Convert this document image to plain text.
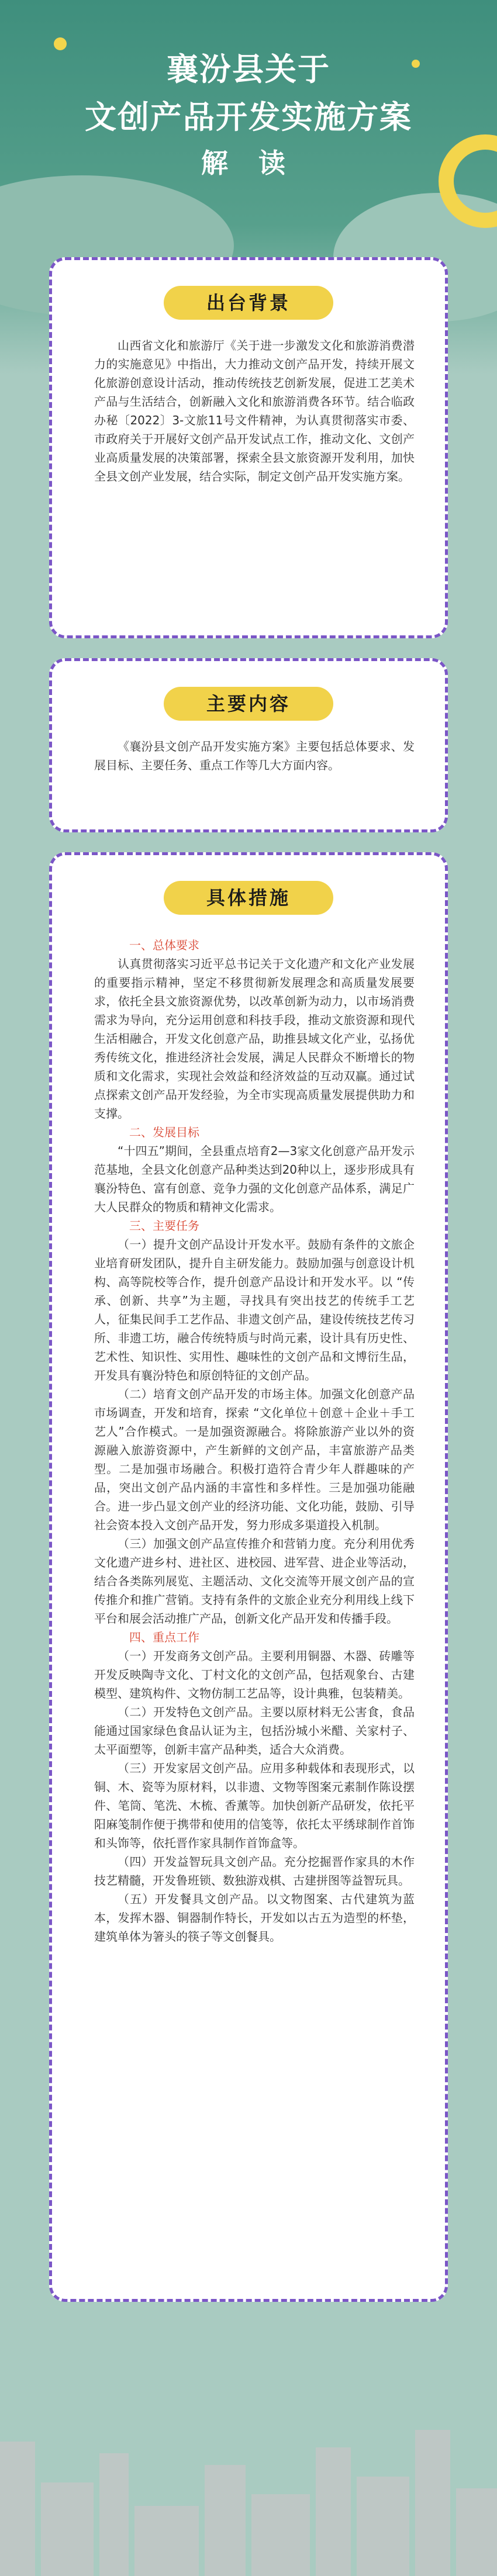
襄汾县关于
文创产品开发实施方案
解 读
出台背景

山西省文化和旅游厅《关于进一步激发文化和旅游消费潜力的实施意见》中指出，大力推动文创产品开发，持续开展文化旅游创意设计活动，推动传统技艺创新发展，促进工艺美术产品与生活结合，创新融入文化和旅游消费各环节。结合临政办秘〔2022〕3-文旅11号文件精神，为认真贯彻落实市委、市政府关于开展好文创产品开发试点工作，推动文化、文创产业高质量发展的决策部署，探索全县文旅资源开发利用，加快全县文创产业发展，结合实际，制定文创产品开发实施方案。

主要内容

《襄汾县文创产品开发实施方案》主要包括总体要求、发展目标、主要任务、重点工作等几大方面内容。

具体措施
一、总体要求
认真贯彻落实习近平总书记关于文化遗产和文化产业发展的重要指示精神，坚定不移贯彻新发展理念和高质量发展要求，依托全县文旅资源优势，以改革创新为动力，以市场消费需求为导向，充分运用创意和科技手段，推动文旅资源和现代生活相融合，开发文化创意产品，助推县域文化产业，弘扬优秀传统文化，推进经济社会发展，满足人民群众不断增长的物质和文化需求，实现社会效益和经济效益的互动双赢。通过试点探索文创产品开发经验，为全市实现高质量发展提供助力和支撑。
二、发展目标
“十四五”期间，全县重点培育2—3家文化创意产品开发示范基地，全县文化创意产品种类达到20种以上，逐步形成具有襄汾特色、富有创意、竞争力强的文化创意产品体系，满足广大人民群众的物质和精神文化需求。
三、主要任务
（一）提升文创产品设计开发水平。鼓励有条件的文旅企业培育研发团队，提升自主研发能力。鼓励加强与创意设计机构、高等院校等合作，提升创意产品设计和开发水平。以 “传承、创新、共享”为主题，寻找具有突出技艺的传统手工艺人，征集民间手工艺作品、非遗文创产品，建设传统技艺传习所、非遗工坊，融合传统特质与时尚元素，设计具有历史性、艺术性、知识性、实用性、趣味性的文创产品和文博衍生品，开发具有襄汾特色和原创特征的文创产品。
（二）培育文创产品开发的市场主体。加强文化创意产品市场调查，开发和培育，探索 “文化单位＋创意＋企业＋手工艺人”合作模式。一是加强资源融合。将除旅游产业以外的资源融入旅游资源中，产生新鲜的文创产品，丰富旅游产品类型。二是加强市场融合。积极打造符合青少年人群趣味的产品，突出文创产品内涵的丰富性和多样性。三是加强功能融合。进一步凸显文创产业的经济功能、文化功能，鼓励、引导社会资本投入文创产品开发，努力形成多渠道投入机制。
（三）加强文创产品宣传推介和营销力度。充分利用优秀文化遗产进乡村、进社区、进校园、进军营、进企业等活动，结合各类陈列展览、主题活动、文化交流等开展文创产品的宣传推介和推广营销。支持有条件的文旅企业充分利用线上线下平台和展会活动推广产品，创新文化产品开发和传播手段。
四、重点工作
（一）开发商务文创产品。主要利用铜器、木器、砖雕等开发反映陶寺文化、丁村文化的文创产品，包括观象台、古建模型、建筑构件、文物仿制工艺品等，设计典雅，包装精美。
（二）开发特色文创产品。主要以原材料无公害食，食品能通过国家绿色食品认证为主，包括汾城小米醋、关家村子、太平面塑等，创新丰富产品种类，适合大众消费。
（三）开发家居文创产品。应用多种载体和表现形式，以铜、木、瓷等为原材料，以非遗、文物等图案元素制作陈设摆件、笔筒、笔洗、木梳、香薰等。加快创新产品研发，依托平阳麻笺制作便于携带和使用的信笺等，依托太平绣球制作首饰和头饰等，依托晋作家具制作首饰盒等。
（四）开发益智玩具文创产品。充分挖掘晋作家具的木作技艺精髓，开发鲁班锁、数独游戏棋、古建拼图等益智玩具。
（五）开发餐具文创产品。以文物图案、古代建筑为蓝本，发挥木器、铜器制作特长，开发如以古五为造型的杯垫，建筑单体为箸头的筷子等文创餐具。
